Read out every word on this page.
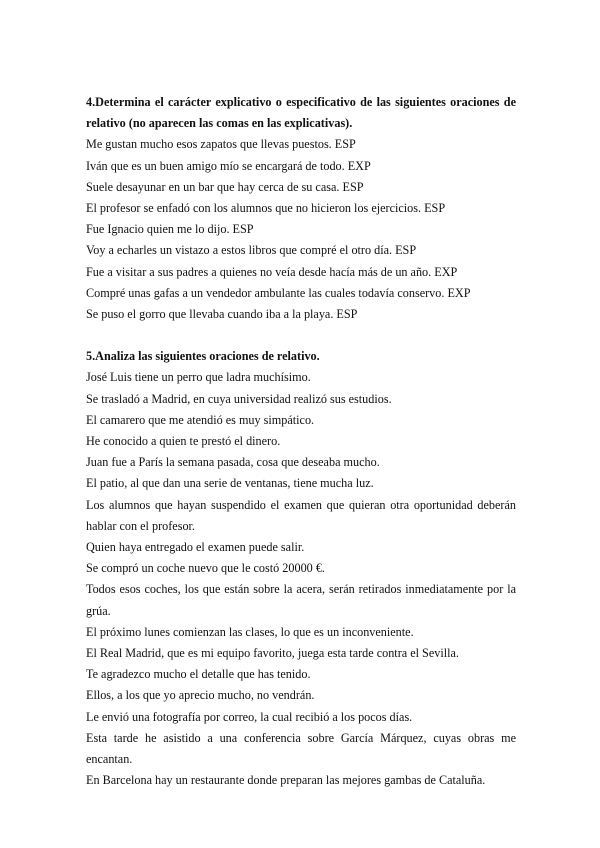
4.Determina el carácter explicativo o especificativo de las siguientes oraciones de relativo (no aparecen las comas en las explicativas).
Me gustan mucho esos zapatos que llevas puestos. ESP
Iván que es un buen amigo mío se encargará de todo. EXP
Suele desayunar en un bar que hay cerca de su casa. ESP
El profesor se enfadó con los alumnos que no hicieron los ejercicios. ESP
Fue Ignacio quien me lo dijo. ESP
Voy a echarles un vistazo a estos libros que compré el otro día. ESP
Fue a visitar a sus padres a quienes no veía desde hacía más de un año. EXP
Compré unas gafas a un vendedor ambulante las cuales todavía conservo. EXP
Se puso el gorro que llevaba cuando iba a la playa. ESP
5.Analiza las siguientes oraciones de relativo.
José Luis tiene un perro que ladra muchísimo.
Se trasladó a Madrid, en cuya universidad realizó sus estudios.
El camarero que me atendió es muy simpático.
He conocido a quien te prestó el dinero.
Juan fue a París la semana pasada, cosa que deseaba mucho.
El patio, al que dan una serie de ventanas, tiene mucha luz.
Los alumnos que hayan suspendido el examen que quieran otra oportunidad deberán hablar con el profesor.
Quien haya entregado el examen puede salir.
Se compró un coche nuevo que le costó 20000 €.
Todos esos coches, los que están sobre la acera, serán retirados inmediatamente por la grúa.
El próximo lunes comienzan las clases, lo que es un inconveniente.
El Real Madrid, que es mi equipo favorito, juega esta tarde contra el Sevilla.
Te agradezco mucho el detalle que has tenido.
Ellos, a los que yo aprecio mucho, no vendrán.
Le envió una fotografía por correo, la cual recibió a los pocos días.
Esta tarde he asistido a una conferencia sobre García Márquez, cuyas obras me encantan.
En Barcelona hay un restaurante donde preparan las mejores gambas de Cataluña.
